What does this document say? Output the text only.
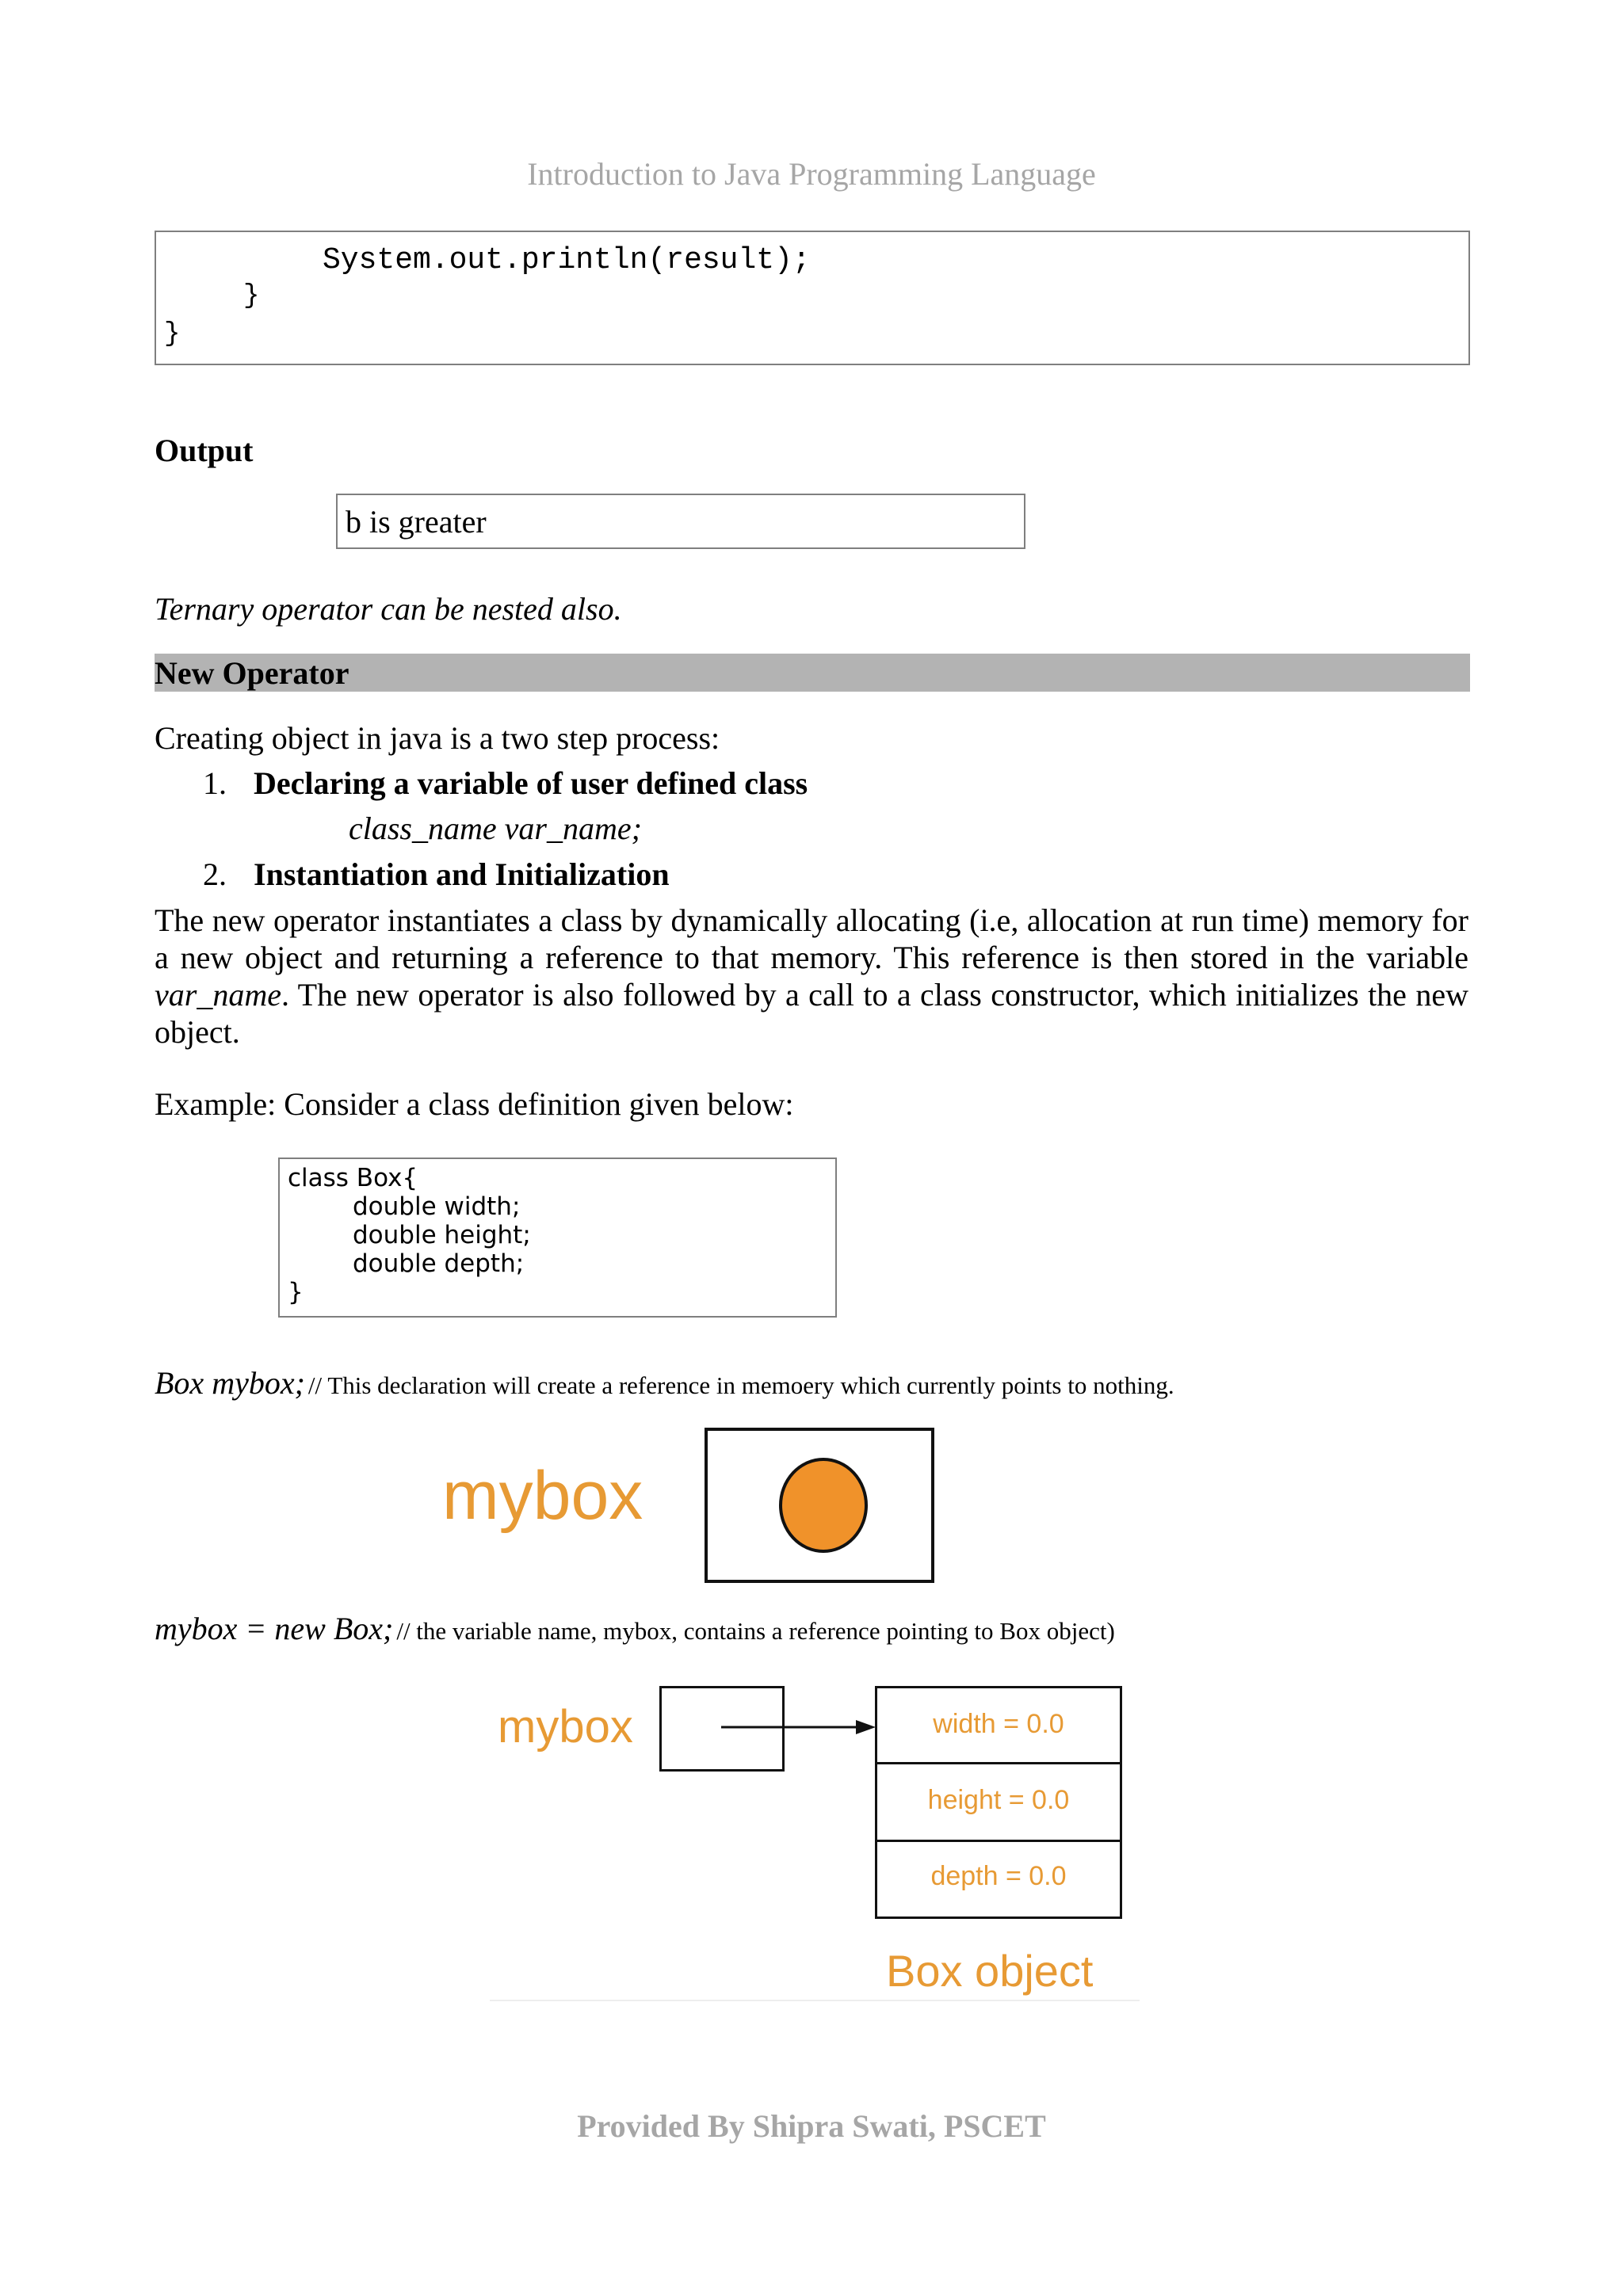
Introduction to Java Programming Language
System.out.println(result);
}
}
Output
b is greater
Ternary operator can be nested also.
New Operator
Creating object in java is a two step process:
1. Declaring a variable of user defined class
class_name var_name;
2. Instantiation and Initialization
The new operator instantiates a class by dynamically allocating (i.e, allocation at run time) memory for a new object and returning a reference to that memory. This reference is then stored in the variable var_name. The new operator is also followed by a call to a class constructor, which initializes the new object.
Example: Consider a class definition given below:
class Box{
double width;
double height;
double depth;
}
Box mybox; // This declaration will create a reference in memoery which currently points to nothing.
mybox
mybox = new Box; // the variable name, mybox, contains a reference pointing to Box object)
mybox	width = 0.0
height = 0.0
depth = 0.0
Box object
Provided By Shipra Swati, PSCET
